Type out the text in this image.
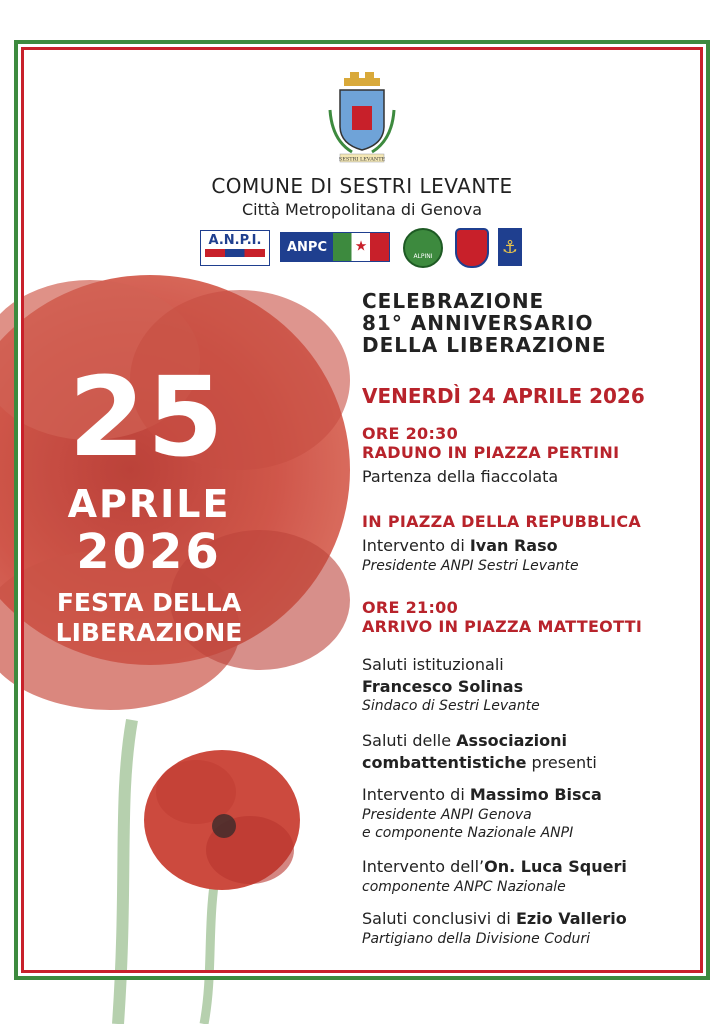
SESTRI LEVANTE
COMUNE DI SESTRI LEVANTE
Città Metropolitana di Genova
A.N.P.I.	ANPC	★
ALPINI	⚓
25
APRILE
2026
FESTA DELLA
LIBERAZIONE
CELEBRAZIONE
81° ANNIVERSARIO
DELLA LIBERAZIONE
VENERDÌ 24 APRILE 2026
ORE 20:30
RADUNO IN PIAZZA PERTINI
Partenza della fiaccolata
IN PIAZZA DELLA REPUBBLICA
Intervento di Ivan Raso
Presidente ANPI Sestri Levante
ORE 21:00
ARRIVO IN PIAZZA MATTEOTTI
Saluti istituzionali
Francesco Solinas
Sindaco di Sestri Levante
Saluti delle Associazioni
combattentistiche presenti
Intervento di Massimo Bisca
Presidente ANPI Genova
e componente Nazionale ANPI
Intervento dell’On. Luca Squeri
componente ANPC Nazionale
Saluti conclusivi di Ezio Vallerio
Partigiano della Divisione Coduri
